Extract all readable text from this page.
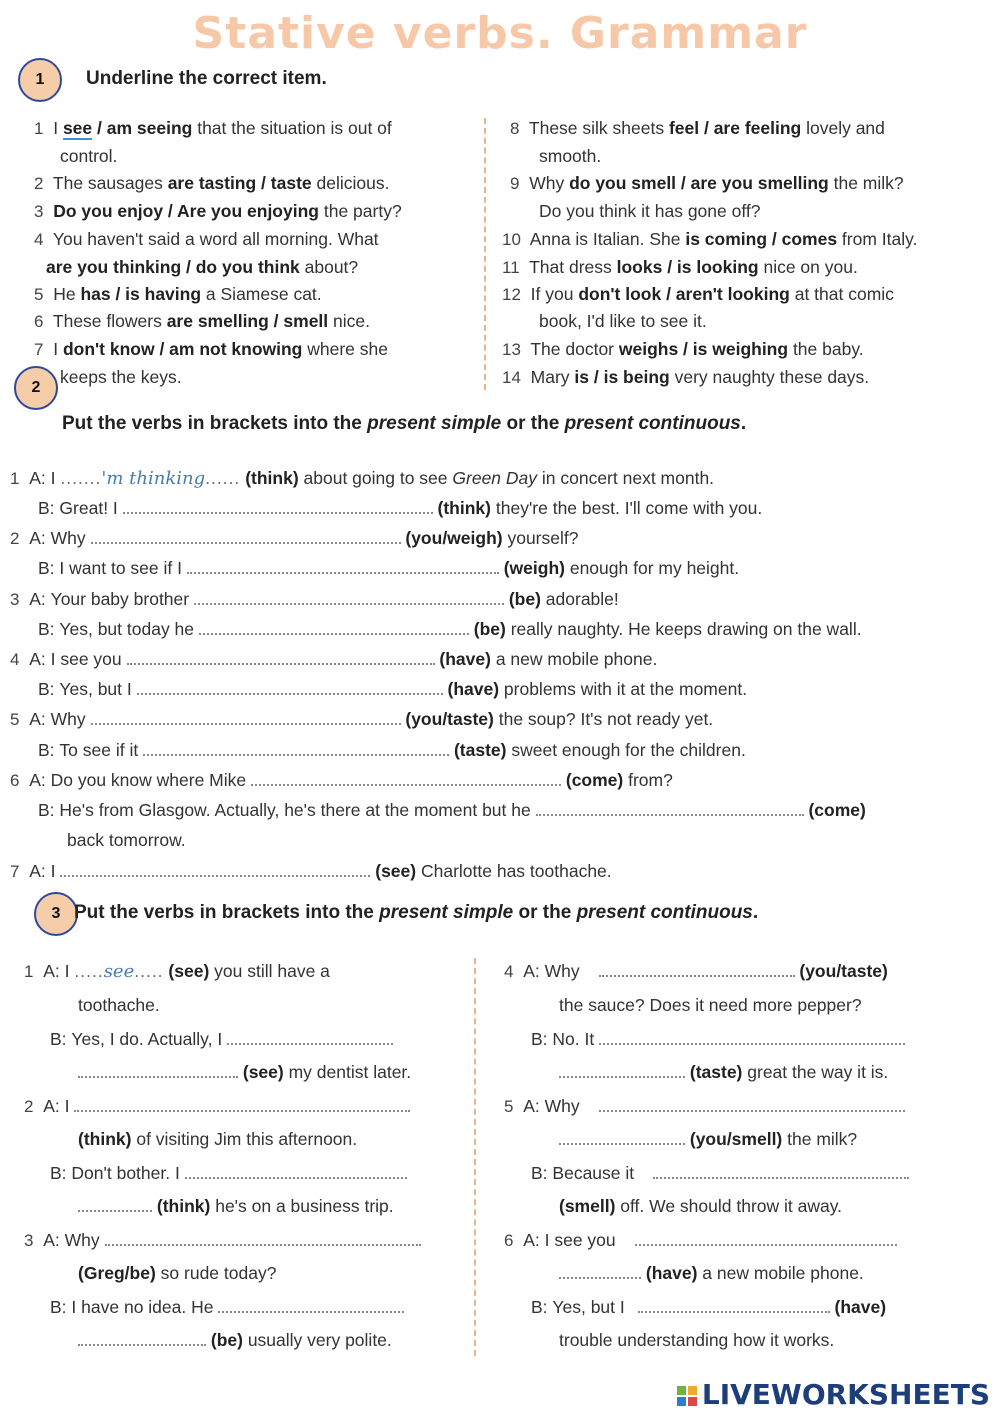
Stative verbs. Grammar
1	Underline the correct item.
1 I see / am seeing that the situation is out of
control.
2 The sausages are tasting / taste delicious.
3 Do you enjoy / Are you enjoying the party?
4 You haven't said a word all morning. What
are you thinking / do you think about?
5 He has / is having a Siamese cat.
6 These flowers are smelling / smell nice.
7 I don't know / am not knowing where she
keeps the keys.
8 These silk sheets feel / are feeling lovely and
smooth.
9 Why do you smell / are you smelling the milk?
Do you think it has gone off?
10 Anna is Italian. She is coming / comes from Italy.
11 That dress looks / is looking nice on you.
12 If you don't look / aren't looking at that comic
book, I'd like to see it.
13 The doctor weighs / is weighing the baby.
14 Mary is / is being very naughty these days.
2
Put the verbs in brackets into the present simple or the present continuous.
1 A: I .......'m thinking...... (think) about going to see Green Day in concert next month.
B: Great! I	(think) they're the best. I'll come with you.
2 A: Why	(you/weigh) yourself?
B: I want to see if I	(weigh) enough for my height.
3 A: Your baby brother	(be) adorable!
B: Yes, but today he	(be) really naughty. He keeps drawing on the wall.
4 A: I see you	(have) a new mobile phone.
B: Yes, but I	(have) problems with it at the moment.
5 A: Why	(you/taste) the soup? It's not ready yet.
B: To see if it	(taste) sweet enough for the children.
6 A: Do you know where Mike	(come) from?
B: He's from Glasgow. Actually, he's there at the moment but he	(come)
back tomorrow.
7 A: I	(see) Charlotte has toothache.
3 Put the verbs in brackets into the present simple or the present continuous.
1 A: I .....see..... (see) you still have a
toothache.
B: Yes, I do. Actually, I
(see) my dentist later.
2 A: I
(think) of visiting Jim this afternoon.
B: Don't bother. I
(think) he's on a business trip.
3 A: Why
(Greg/be) so rude today?
B: I have no idea. He
(be) usually very polite.
4 A: Why	(you/taste)
the sauce? Does it need more pepper?
B: No. It
(taste) great the way it is.
5 A: Why
(you/smell) the milk?
B: Because it
(smell) off. We should throw it away.
6 A: I see you
(have) a new mobile phone.
B: Yes, but I	(have)
trouble understanding how it works.
LIVEWORKSHEETS
